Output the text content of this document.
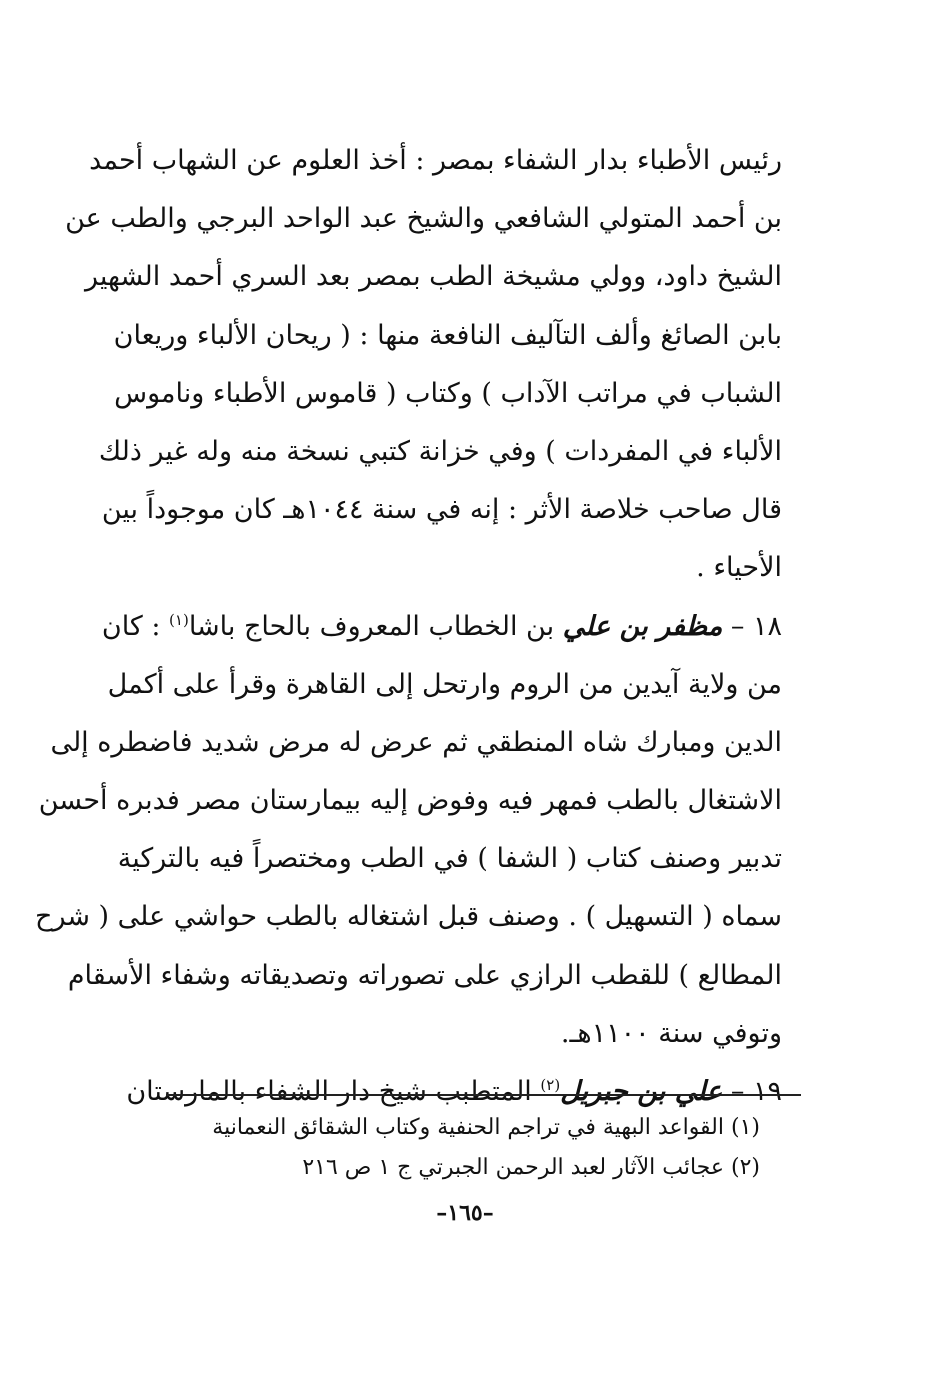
رئيس الأطباء بدار الشفاء بمصر : أخذ العلوم عن الشهاب أحمد
بن أحمد المتولي الشافعي والشيخ عبد الواحد البرجي والطب عن
الشيخ داود، وولي مشيخة الطب بمصر بعد السري أحمد الشهير
بابن الصائغ وألف التآليف النافعة منها : ( ريحان الألباء وريعان
الشباب في مراتب الآداب ) وكتاب ( قاموس الأطباء وناموس
الألباء في المفردات ) وفي خزانة كتبي نسخة منه وله غير ذلك
قال صاحب خلاصة الأثر : إنه في سنة ١٠٤٤هـ كان موجوداً بين
الأحياء .
١٨ – مظفر بن علي بن الخطاب المعروف بالحاج باشا$^{(١)}$ : كان
من ولاية آيدين من الروم وارتحل إلى القاهرة وقرأ على أكمل
الدين ومبارك شاه المنطقي ثم عرض له مرض شديد فاضطره إلى
الاشتغال بالطب فمهر فيه وفوض إليه بيمارستان مصر فدبره أحسن
تدبير وصنف كتاب ( الشفا ) في الطب ومختصراً فيه بالتركية
سماه ( التسهيل ) . وصنف قبل اشتغاله بالطب حواشي على ( شرح
المطالع ) للقطب الرازي على تصوراته وتصديقاته وشفاء الأسقام
وتوفي سنة ١١٠٠هـ.
١٩ – علي بن جبريل$^{(٢)}$ المتطبب شيخ دار الشفاء بالمارستان
(١) القواعد البهية في تراجم الحنفية وكتاب الشقائق النعمانية
(٢) عجائب الآثار لعبد الرحمن الجبرتي ج ١ ص ٢١٦
–١٦٥–
